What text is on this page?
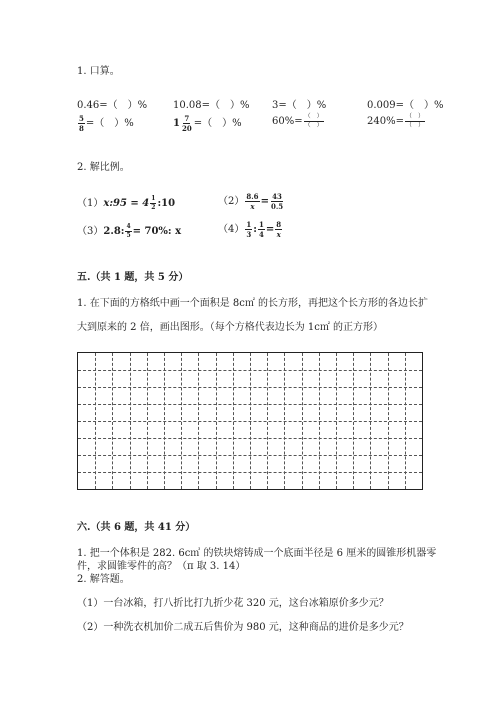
1. 口算。
0.46=（　）%	10.08=（　）% 3=（　）%	0.009=（　）%
$\frac{5}{8}$ =（　）%	$1 \frac{7}{20}$ =（　）%	$60\%= \frac{( )}{( )}$	$240\%= \frac{( )}{( )}$
2. 解比例。
（1）x:95 = $4 \frac{1}{2}$ :10	$(2) \frac{8.6}{x} = \frac{43}{0.5}$
（3）2.8: $\frac{4}{5} = 70\%$: x	$(4) \frac{1}{3}$ : $\frac{1}{4} = \frac{8}{x}$
五.（共 1 题，共 5 分）
1. 在下面的方格纸中画一个面积是 8c㎡ 的长方形，再把这个长方形的各边长扩
大到原来的 2 倍，画出图形。（每个方格代表边长为 1c㎡ 的正方形）
六.（共 6 题，共 41 分）
1. 把一个体积是 282. 6c㎥ 的铁块熔铸成一个底面半径是 6 厘米的圆锥形机器零
件，求圆锥零件的高？（π 取 3. 14）
2. 解答题。
（1）一台冰箱，打八折比打九折少花 320 元，这台冰箱原价多少元？
（2）一种洗衣机加价二成五后售价为 980 元，这种商品的进价是多少元？
